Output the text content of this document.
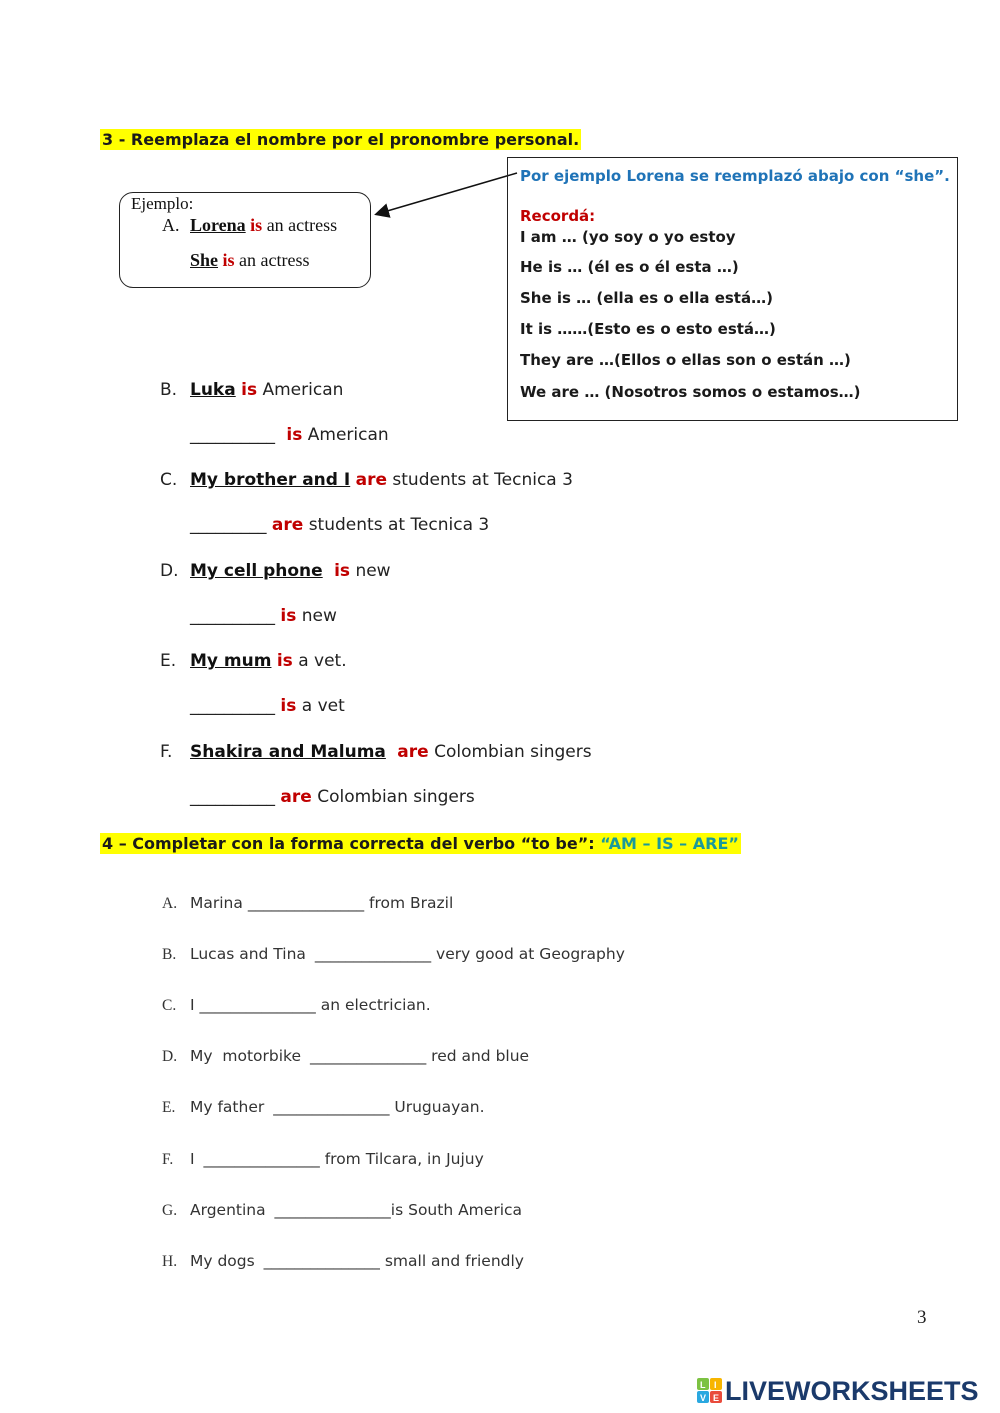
3 - Reemplaza el nombre por el pronombre personal.
Ejemplo:
A. Lorena is an actress
She is an actress
Por ejemplo Lorena se reemplazó abajo con “she”.
Recordá:
I am … (yo soy o yo estoy
He is … (él es o él esta …)
She is … (ella es o ella está…)
It is ……(Esto es o esto está…)
They are …(Ellos o ellas son o están …)
We are … (Nosotros somos o estamos…)
B. Luka is American
__________ is American
C. My brother and I are students at Tecnica 3
_________ are students at Tecnica 3
D. My cell phone is new
__________ is new
E. My mum is a vet.
__________ is a vet
F. Shakira and Maluma are Colombian singers
__________ are Colombian singers
4 – Completar con la forma correcta del verbo “to be”: “AM – IS – ARE”
A. Marina _______________ from Brazil
B. Lucas and Tina _______________ very good at Geography
C. I _______________ an electrician.
D. My  motorbike _______________ red and blue
E. My father _______________ Uruguayan.
F. I _______________ from Tilcara, in Jujuy
G. Argentina _______________is South America
H. My dogs _______________ small and friendly
3
L I
V E LIVEWORKSHEETS
